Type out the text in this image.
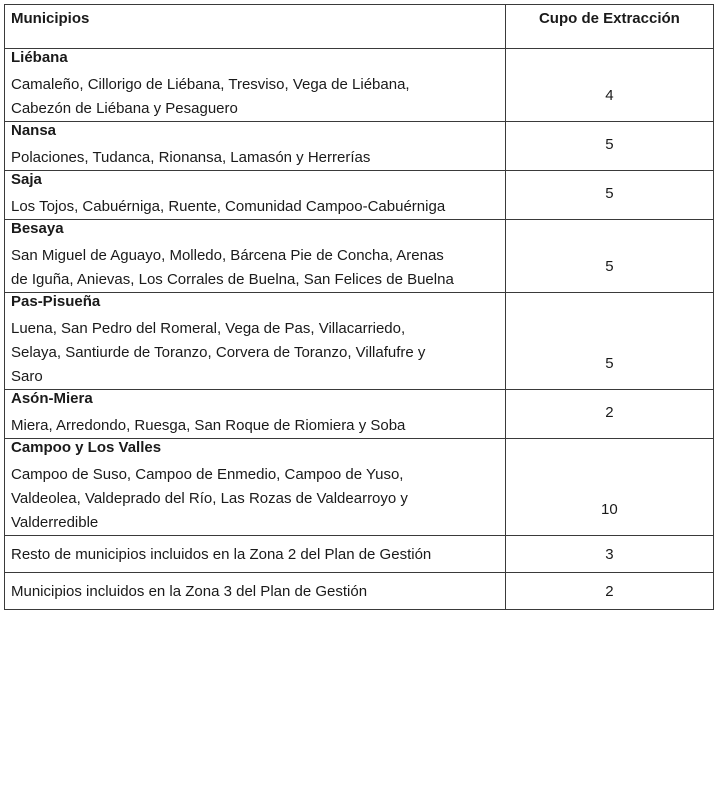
Municipios	Cupo de Extracción
Liébana	4

Camaleño, Cillorigo de Liébana, Tresviso, Vega de Liébana,
Cabezón de Liébana y Pesaguero	

Nansa	5

Polaciones, Tudanca, Rionansa, Lamasón y Herrerías	

Saja	5

Los Tojos, Cabuérniga, Ruente, Comunidad Campoo-Cabuérniga	

Besaya	5

San Miguel de Aguayo, Molledo, Bárcena Pie de Concha, Arenas
de Iguña, Anievas, Los Corrales de Buelna, San Felices de Buelna	

Pas-Pisueña	5

Luena, San Pedro del Romeral, Vega de Pas, Villacarriedo,
Selaya, Santiurde de Toranzo, Corvera de Toranzo, Villafufre y
Saro	

Asón-Miera	2

Miera, Arredondo, Ruesga, San Roque de Riomiera y Soba	

Campoo y Los Valles	10

Campoo de Suso, Campoo de Enmedio, Campoo de Yuso,
Valdeolea, Valdeprado del Río, Las Rozas de Valdearroyo y
Valderredible	

Resto de municipios incluidos en la Zona 2 del Plan de Gestión	3
Municipios incluidos en la Zona 3 del Plan de Gestión	2
